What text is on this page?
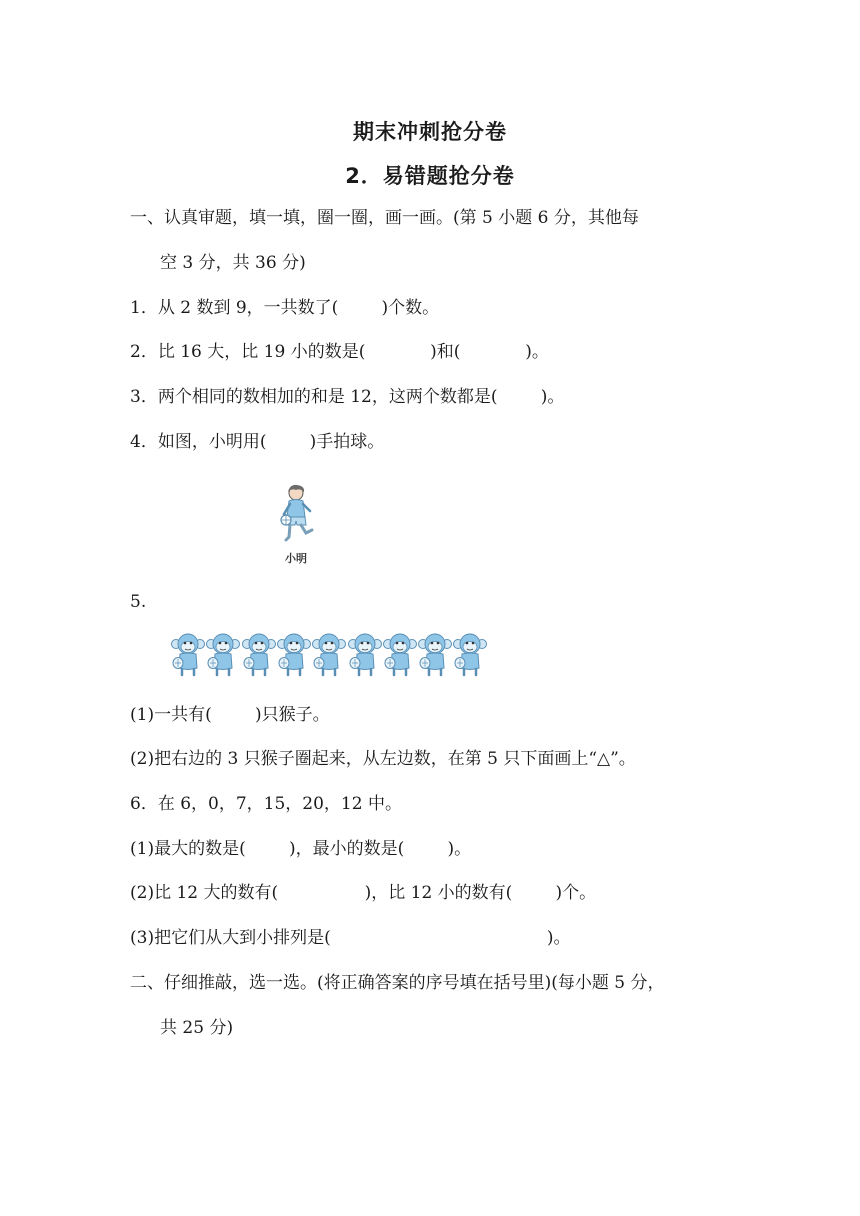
期末冲刺抢分卷
2．易错题抢分卷
一、认真审题，填一填，圈一圈，画一画。(第 5 小题 6 分，其他每
空 3 分，共 36 分)
1．从 2 数到 9，一共数了(        )个数。
2．比 16 大，比 19 小的数是(            )和(            )。
3．两个相同的数相加的和是 12，这两个数都是(        )。
4．如图，小明用(        )手拍球。
小明
5.
(1)一共有(        )只猴子。
(2)把右边的 3 只猴子圈起来，从左边数，在第 5 只下面画上“△”。
6．在 6，0，7，15，20，12 中。
(1)最大的数是(        )，最小的数是(        )。
(2)比 12 大的数有(                )，比 12 小的数有(        )个。
(3)把它们从大到小排列是(                                        )。
二、仔细推敲，选一选。(将正确答案的序号填在括号里)(每小题 5 分，
共 25 分)
